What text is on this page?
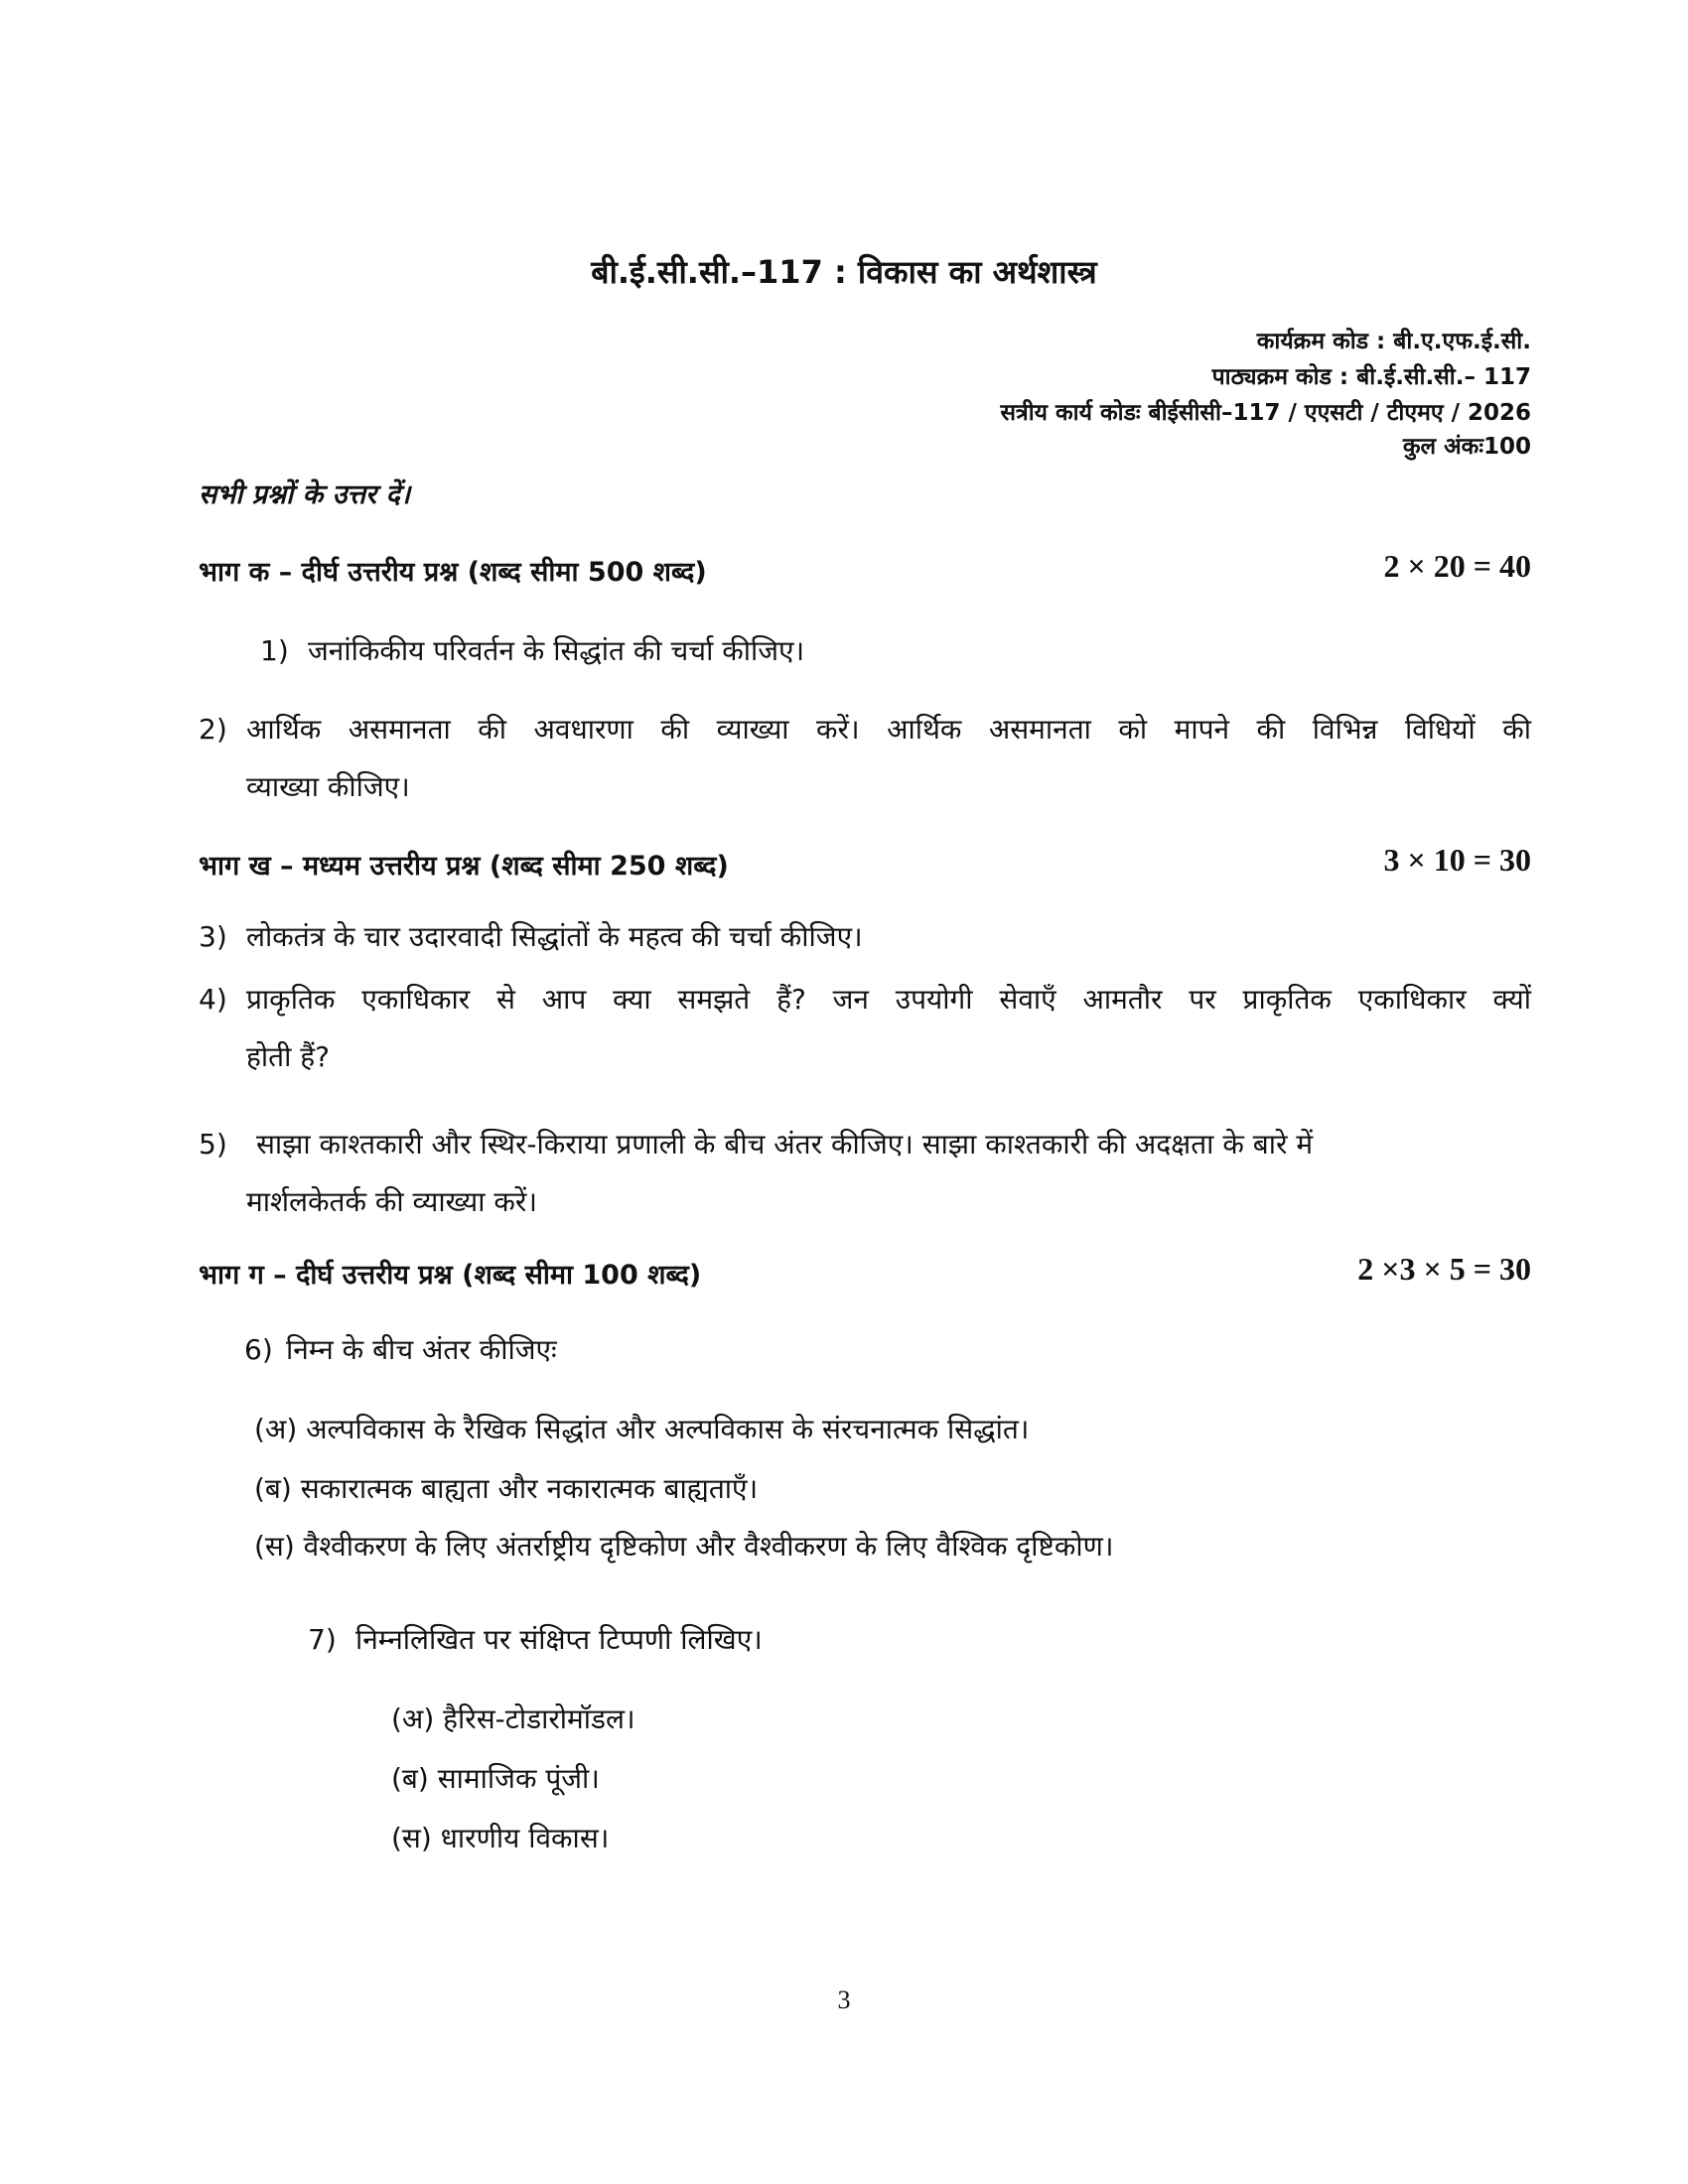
बी.ई.सी.सी.–117 : विकास का अर्थशास्त्र
कार्यक्रम कोड : बी.ए.एफ.ई.सी.
पाठ्यक्रम कोड : बी.ई.सी.सी.– 117
सत्रीय कार्य कोडः बीईसीसी–117 / एएसटी / टीएमए / 2026
कुल अंकः100
सभी प्रश्नों के उत्तर दें।
भाग क – दीर्घ उत्तरीय प्रश्न (शब्द सीमा 500 शब्द)	2 × 20 = 40
1) जनांकिकीय परिवर्तन के सिद्धांत की चर्चा कीजिए।
2) आर्थिक असमानता की अवधारणा की व्याख्या करें। आर्थिक असमानता को मापने की विभिन्न विधियों की
व्याख्या कीजिए।
भाग ख – मध्यम उत्तरीय प्रश्न (शब्द सीमा 250 शब्द)	3 × 10 = 30
3) लोकतंत्र के चार उदारवादी सिद्धांतों के महत्व की चर्चा कीजिए।
4) प्राकृतिक एकाधिकार से आप क्या समझते हैं? जन उपयोगी सेवाएँ आमतौर पर प्राकृतिक एकाधिकार क्यों
होती हैं?
5) साझा काश्तकारी और स्थिर-किराया प्रणाली के बीच अंतर कीजिए। साझा काश्तकारी की अदक्षता के बारे में
मार्शलकेतर्क की व्याख्या करें।
भाग ग – दीर्घ उत्तरीय प्रश्न (शब्द सीमा 100 शब्द)	2 ×3 × 5 = 30
6) निम्न के बीच अंतर कीजिएः
(अ) अल्पविकास के रैखिक सिद्धांत और अल्पविकास के संरचनात्मक सिद्धांत।
(ब) सकारात्मक बाह्यता और नकारात्मक बाह्यताएँ।
(स) वैश्वीकरण के लिए अंतर्राष्ट्रीय दृष्टिकोण और वैश्वीकरण के लिए वैश्विक दृष्टिकोण।
7) निम्नलिखित पर संक्षिप्त टिप्पणी लिखिए।
(अ) हैरिस-टोडारोमॉडल।
(ब) सामाजिक पूंजी।
(स) धारणीय विकास।
3
